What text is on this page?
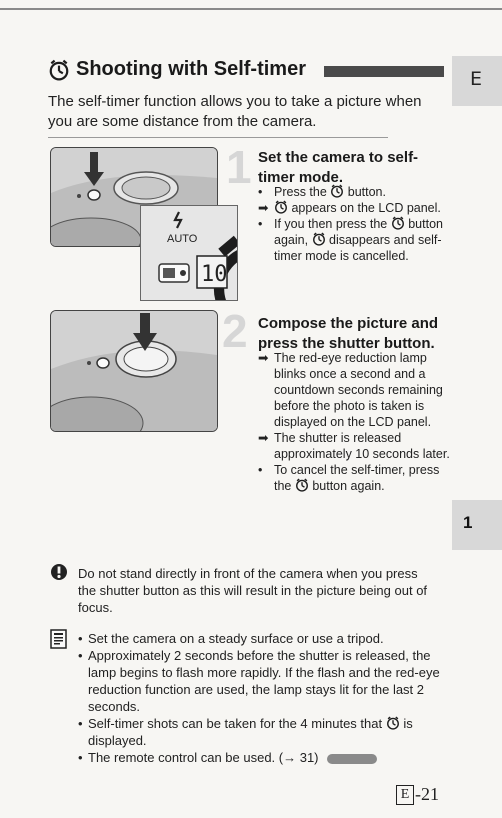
E
Shooting with Self-timer
The self-timer function allows you to take a picture when you are some distance from the camera.
AUTO
10
1 Set the camera to self-timer mode.
• Press the  button.
➡ appears on the LCD panel.
• If you then press the  button again,  disappears and self-timer mode is cancelled.
2 Compose the picture and press the shutter button.
➡ The red-eye reduction lamp blinks once a second and a countdown seconds remaining before the photo is taken is displayed on the LCD panel.
➡ The shutter is released approximately 10 seconds later.
• To cancel the self-timer, press the  button again.
1
Do not stand directly in front of the camera when you press the shutter button as this will result in the picture being out of focus.
• Set the camera on a steady surface or use a tripod.
• Approximately 2 seconds before the shutter is released, the lamp begins to flash more rapidly. If the flash and the red-eye reduction function are used, the lamp stays lit for the last 2 seconds.
• Self-timer shots can be taken for the 4 minutes that  is displayed.
• The remote control can be used. (→ 31)
E -21
